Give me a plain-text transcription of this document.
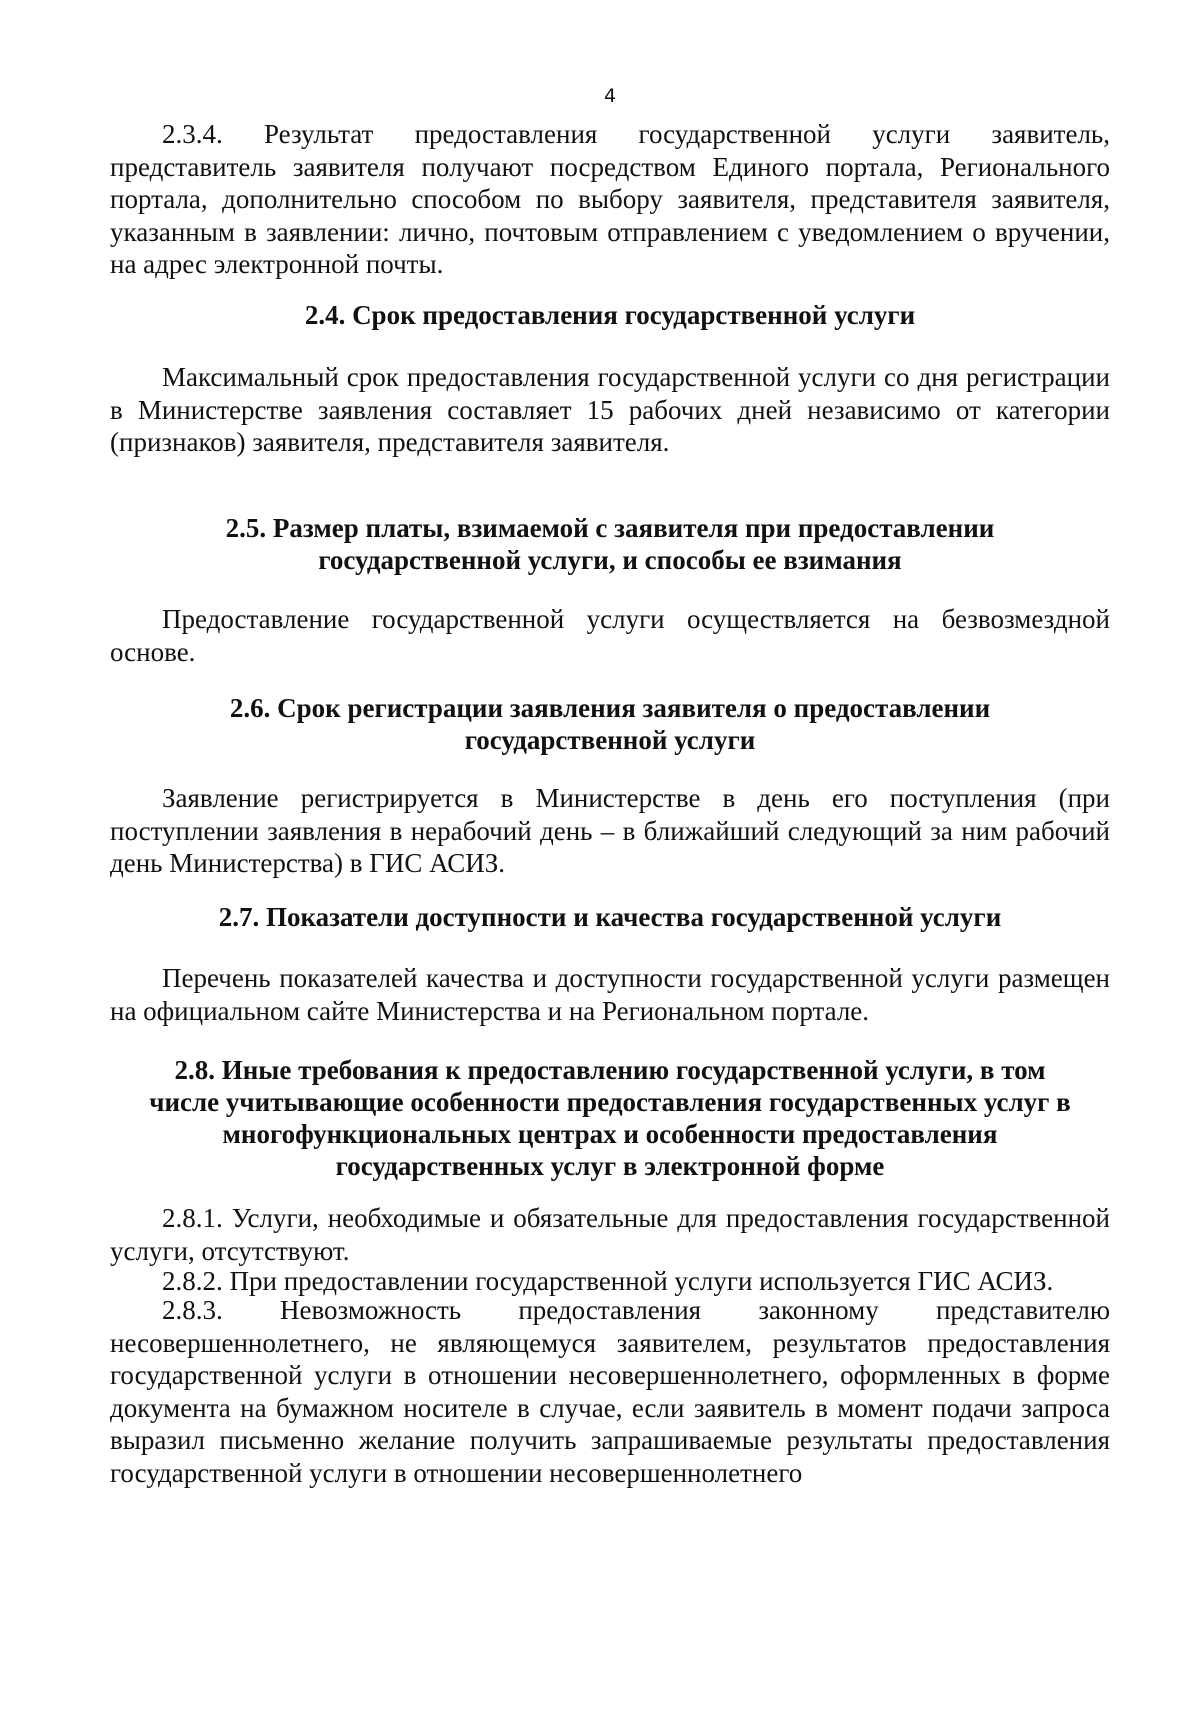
4

2.3.4. Результат предоставления государственной услуги заявитель, представитель заявителя получают посредством Единого портала, Регионального портала, дополнительно способом по выбору заявителя, представителя заявителя, указанным в заявлении: лично, почтовым отправлением с уведомлением о вручении, на адрес электронной почты.

2.4. Срок предоставления государственной услуги

Максимальный срок предоставления государственной услуги со дня регистрации в Министерстве заявления составляет 15 рабочих дней независимо от категории (признаков) заявителя, представителя заявителя.

2.5. Размер платы, взимаемой с заявителя при предоставлении
государственной услуги, и способы ее взимания

Предоставление государственной услуги осуществляется на безвозмездной основе.

2.6. Срок регистрации заявления заявителя о предоставлении
государственной услуги

Заявление регистрируется в Министерстве в день его поступления (при поступлении заявления в нерабочий день – в ближайший следующий за ним рабочий день Министерства) в ГИС АСИЗ.

2.7. Показатели доступности и качества государственной услуги

Перечень показателей качества и доступности государственной услуги размещен на официальном сайте Министерства и на Региональном портале.

2.8. Иные требования к предоставлению государственной услуги, в том
числе учитывающие особенности предоставления государственных услуг в
многофункциональных центрах и особенности предоставления
государственных услуг в электронной форме

2.8.1. Услуги, необходимые и обязательные для предоставления государственной услуги, отсутствуют.

2.8.2. При предоставлении государственной услуги используется ГИС АСИЗ.

2.8.3. Невозможность предоставления законному представителю несовершеннолетнего, не являющемуся заявителем, результатов предоставления государственной услуги в отношении несовершеннолетнего, оформленных в форме документа на бумажном носителе в случае, если заявитель в момент подачи запроса выразил письменно желание получить запрашиваемые результаты предоставления государственной услуги в отношении несовершеннолетнего
